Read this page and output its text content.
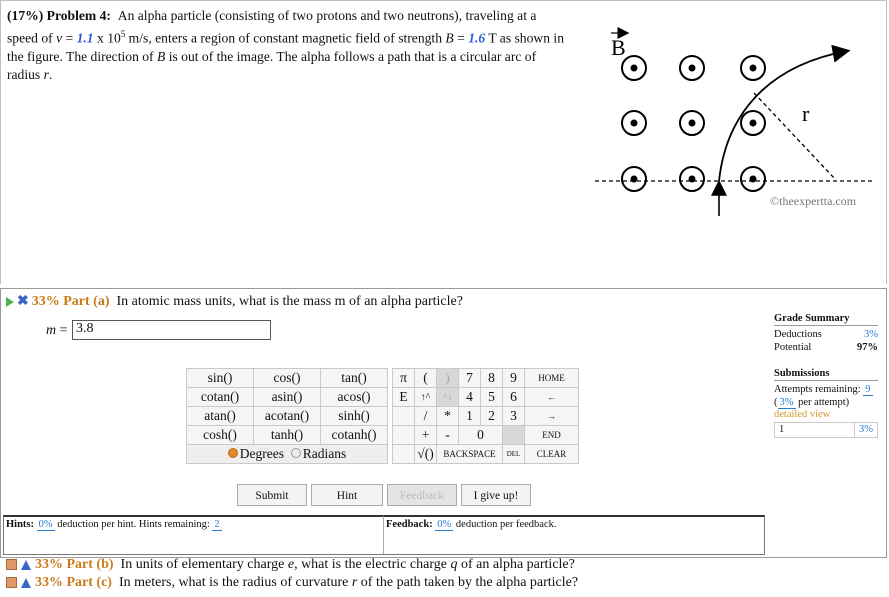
(17%) Problem 4: An alpha particle (consisting of two protons and two neutrons), traveling at a speed of v = 1.1 x $10^5$ m/s, enters a region of constant magnetic field of strength B = 1.6 T as shown in the figure. The direction of B is out of the image. The alpha follows a path that is a circular arc of radius r.
B
r
©theexpertta.com
✖ 33% Part (a) In atomic mass units, what is the mass m of an alpha particle?
m = 3.8
sin()	cos()	tan()
cotan()	asin()	acos()
atan()	acotan()	sinh()
cosh()	tanh()	cotanh()
Degrees Radians		
π	(	)	7	8	9	HOME
E	↑^	^↓	4	5	6	←
	/	*	1	2	3	→
	+	-	0			END
	√()	BACKSPACE			DEL	CLEAR
Submit	Hint	Feedback	I give up!
Hints: 0% deduction per hint. Hints remaining: 2	Feedback: 0% deduction per feedback.
Grade Summary
Deductions	3%
Potential	97%
Submissions
Attempts remaining: 9
( 3% per attempt)
detailed view
1	3%
33% Part (b) In units of elementary charge e, what is the electric charge q of an alpha particle?
33% Part (c) In meters, what is the radius of curvature r of the path taken by the alpha particle?
